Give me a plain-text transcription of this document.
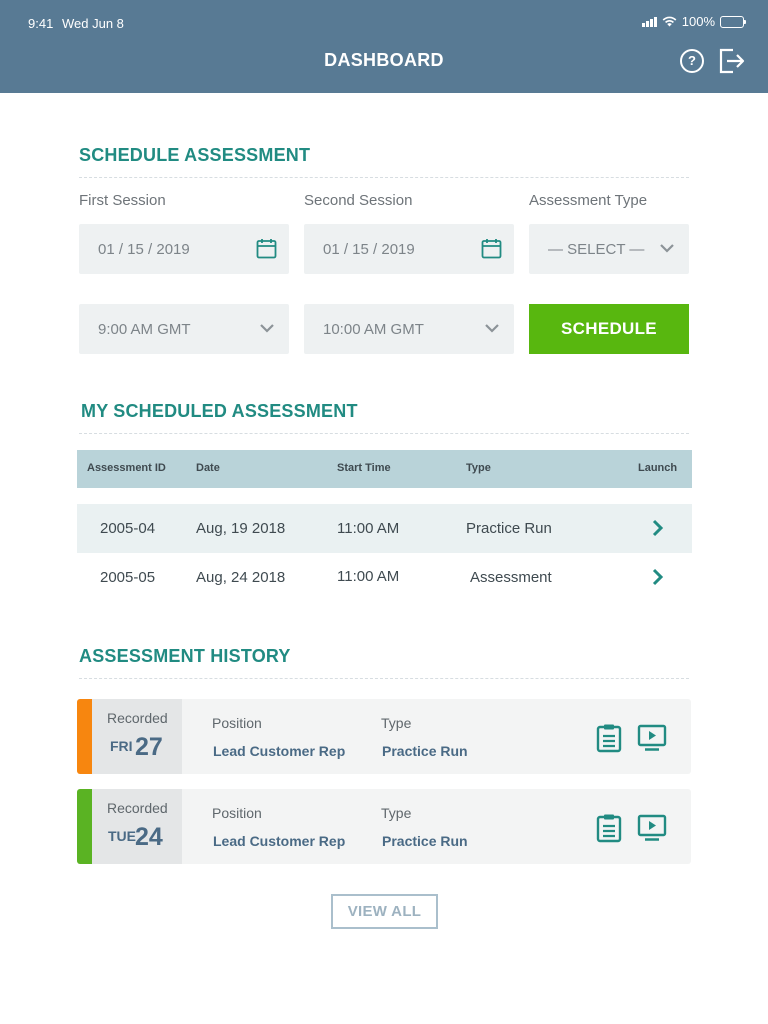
9:41 Wed Jun 8	100%
DASHBOARD	?
SCHEDULE ASSESSMENT
First Session	Second Session	Assessment Type
01 / 15 / 2019	01 / 15 / 2019	— SELECT —
9:00 AM GMT	10:00 AM GMT	SCHEDULE
MY SCHEDULED ASSESSMENT
Assessment ID	Date	Start Time	Type	Launch
2005-04	Aug, 19 2018	11:00 AM	Practice Run
2005-05	Aug, 24 2018	11:00 AM	Assessment
ASSESSMENT HISTORY
Recorded
FRI 27
Position
Lead Customer Rep
Type
Practice Run
Recorded
TUE 24
Position
Lead Customer Rep
Type
Practice Run
VIEW ALL
